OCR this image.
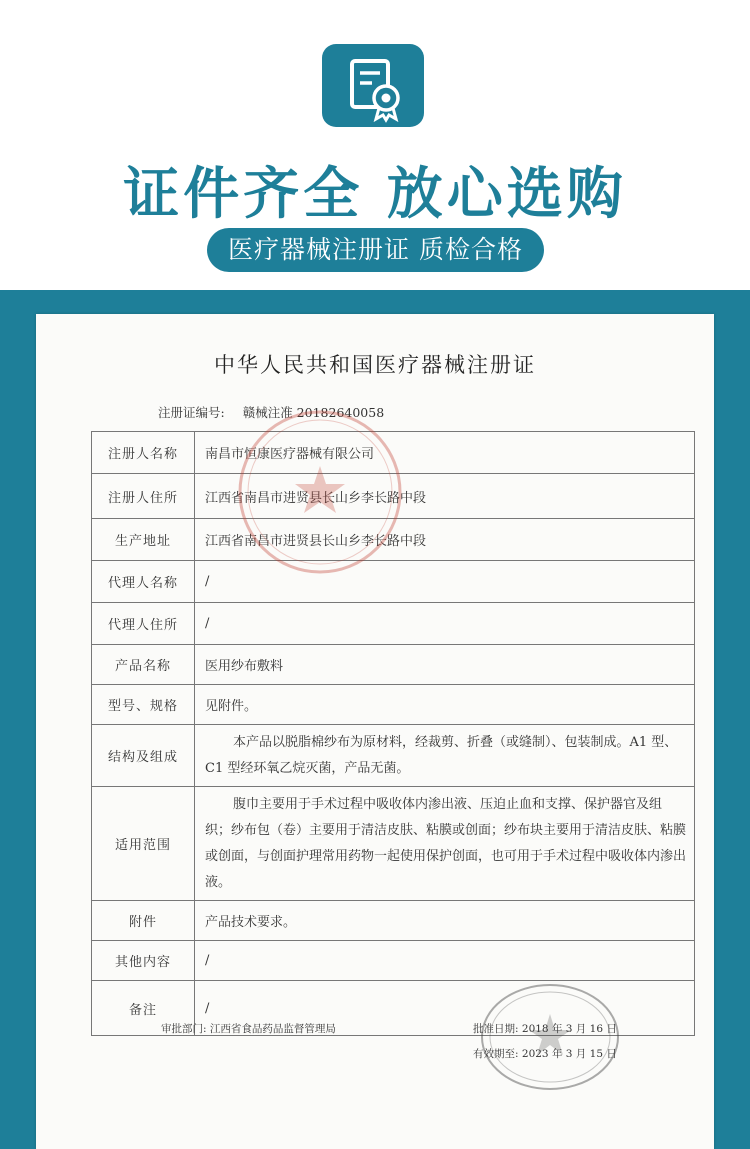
证件齐全 放心选购
医疗器械注册证 质检合格
中华人民共和国医疗器械注册证
注册证编号: 赣械注准 20182640058
注册人名称	南昌市恒康医疗器械有限公司
注册人住所	江西省南昌市进贤县长山乡李长路中段
生产地址	江西省南昌市进贤县长山乡李长路中段
代理人名称	/
代理人住所	/
产品名称	医用纱布敷料
型号、规格	见附件。
结构及组成	本产品以脱脂棉纱布为原材料，经裁剪、折叠（或缝制）、包装制成。A1 型、C1 型经环氧乙烷灭菌，产品无菌。

适用范围	腹巾主要用于手术过程中吸收体内渗出液、压迫止血和支撑、保护器官及组织；纱布包（卷）主要用于清洁皮肤、粘膜或创面；纱布块主要用于清洁皮肤、粘膜或创面，与创面护理常用药物一起使用保护创面，也可用于手术过程中吸收体内渗出液。

附件	产品技术要求。
其他内容	/
备注	/
审批部门: 江西省食品药品监督管理局	批准日期: 2018 年 3 月 16 日
有效期至: 2023 年 3 月 15 日
